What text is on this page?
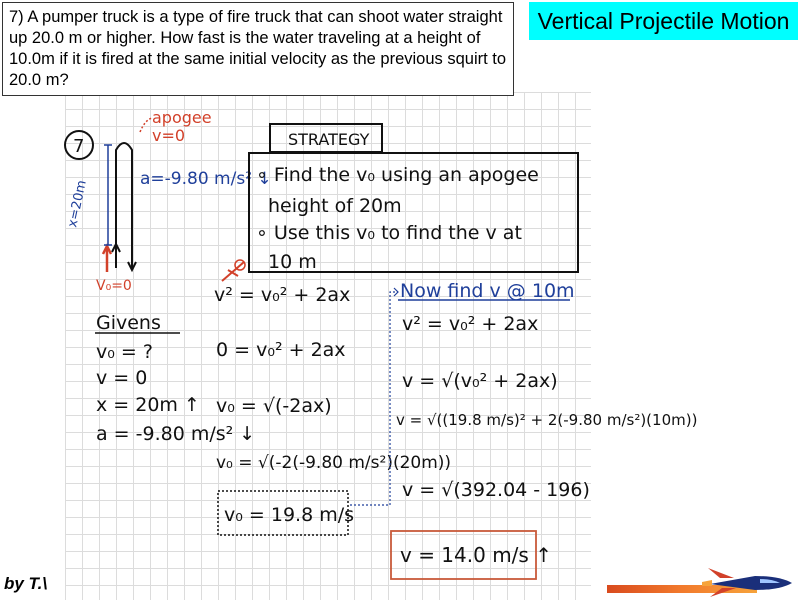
7) A pumper truck is a type of fire truck that can shoot water straight up 20.0 m or higher. How fast is the water traveling at a height of 10.0m if it is fired at the same initial velocity as the previous squirt to 20.0 m?
Vertical Projectile Motion
7
apogee
v=0
a=-9.80 m/s² ↓
x=20m
V₀=0
STRATEGY
∘ Find the v₀ using an apogee
height of 20m
∘ Use this v₀ to find the v at
10 m
v² = v₀² + 2ax
Givens
v₀ = ?
v = 0
x = 20m ↑
a = -9.80 m/s² ↓
0 = v₀² + 2ax
v₀ = √(-2ax)
v₀ = √(-2(-9.80 m/s²)(20m))
v₀ = 19.8 m/s
Now find v @ 10m
v² = v₀² + 2ax
v = √(v₀² + 2ax)
v = √((19.8 m/s)² + 2(-9.80 m/s²)(10m))
v = √(392.04 - 196)
v = 14.0 m/s ↑
by T.\
